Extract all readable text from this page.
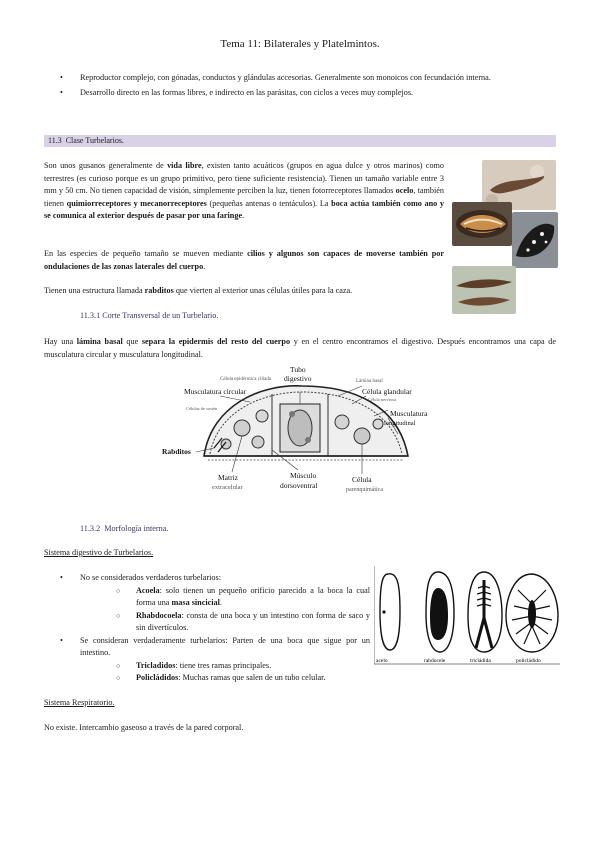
Tema 11: Bilaterales y Platelmintos.
• Reproductor complejo, con gónadas, conductos y glándulas accesorias. Generalmente son monoicos con fecundación interna.
• Desarrollo directo en las formas libres, e indirecto en las parásitas, con ciclos a veces muy complejos.
11.3 Clase Turbelarios.
Son unos gusanos generalmente de vida libre, existen tanto acuáticos (grupos en agua dulce y otros marinos) como terrestres (es curioso porque es un grupo primitivo, pero tiene suficiente resistencia). Tienen un tamaño variable entre 3 mm y 50 cm. No tienen capacidad de visión, simplemente perciben la luz, tienen fotorreceptores llamados ocelo, también tienen quimiorreceptores y mecanorreceptores (pequeñas antenas o tentáculos). La boca actúa también como ano y se comunica al exterior después de pasar por una faringe.
En las especies de pequeño tamaño se mueven mediante cilios y algunos son capaces de moverse también por ondulaciones de las zonas laterales del cuerpo.
Tienen una estructura llamada rabditos que vierten al exterior unas células útiles para la caza.
11.3.1 Corte Transversal de un Turbelario.
Hay una lámina basal que separa la epidermis del resto del cuerpo y en el centro encontramos el digestivo. Después encontramos una capa de musculatura circular y musculatura longitudinal.
Célula epidérmica ciliada
Tubo
digestivo	Lámina basal
Célula glandular
Célula nerviosa
Musculatura circular
Células de sostén
Musculatura
longitudinal
Rabditos
Matriz
extracelular
Músculo
dorsoventral
Célula
parenquimática
11.3.2 Morfología interna.
Sistema digestivo de Turbelarios.
• No se considerados verdaderos turbelarios:
○ Acoela: solo tienen un pequeño orificio parecido a la boca la cual forma una masa sincicial.
○ Rhabdocoela: consta de una boca y un intestino con forma de saco y sin divertículos.
• Se consideran verdaderamente turbelarios: Parten de una boca que sigue por un intestino.
○ Tricladidos: tiene tres ramas principales.
○ Policládidos: Muchas ramas que salen de un tubo celular.
acelo	rabdocele	tricládida	policládido
Sistema Respiratorio.
No existe. Intercambio gaseoso a través de la pared corporal.
